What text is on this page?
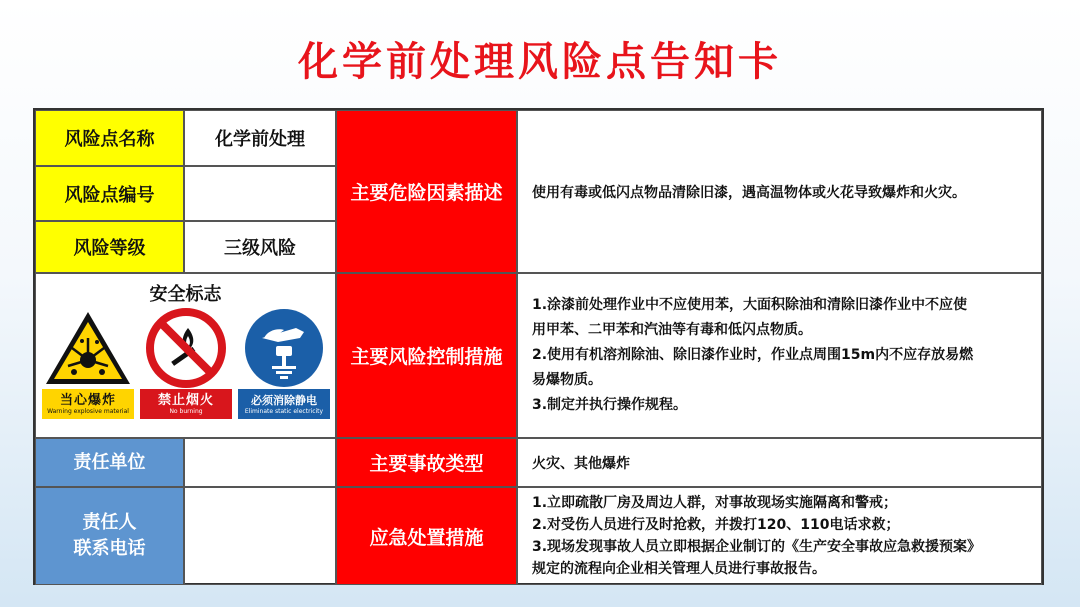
化学前处理风险点告知卡
风险点名称	化学前处理
风险点编号
风险等级	三级风险
安全标志
当心爆炸
Warning explosive material
禁止烟火
No burning
必须消除静电
Eliminate static electricity
责任单位
责任人
联系电话
主要危险因素描述
主要风险控制措施
主要事故类型
应急处置措施
使用有毒或低闪点物品清除旧漆，遇高温物体或火花导致爆炸和火灾。
1.涂漆前处理作业中不应使用苯，大面积除油和清除旧漆作业中不应使
用甲苯、二甲苯和汽油等有毒和低闪点物质。
2.使用有机溶剂除油、除旧漆作业时，作业点周围15m内不应存放易燃
易爆物质。
3.制定并执行操作规程。
火灾、其他爆炸
1.立即疏散厂房及周边人群，对事故现场实施隔离和警戒；
2.对受伤人员进行及时抢救，并拨打120、110电话求救；
3.现场发现事故人员立即根据企业制订的《生产安全事故应急救援预案》
规定的流程向企业相关管理人员进行事故报告。
